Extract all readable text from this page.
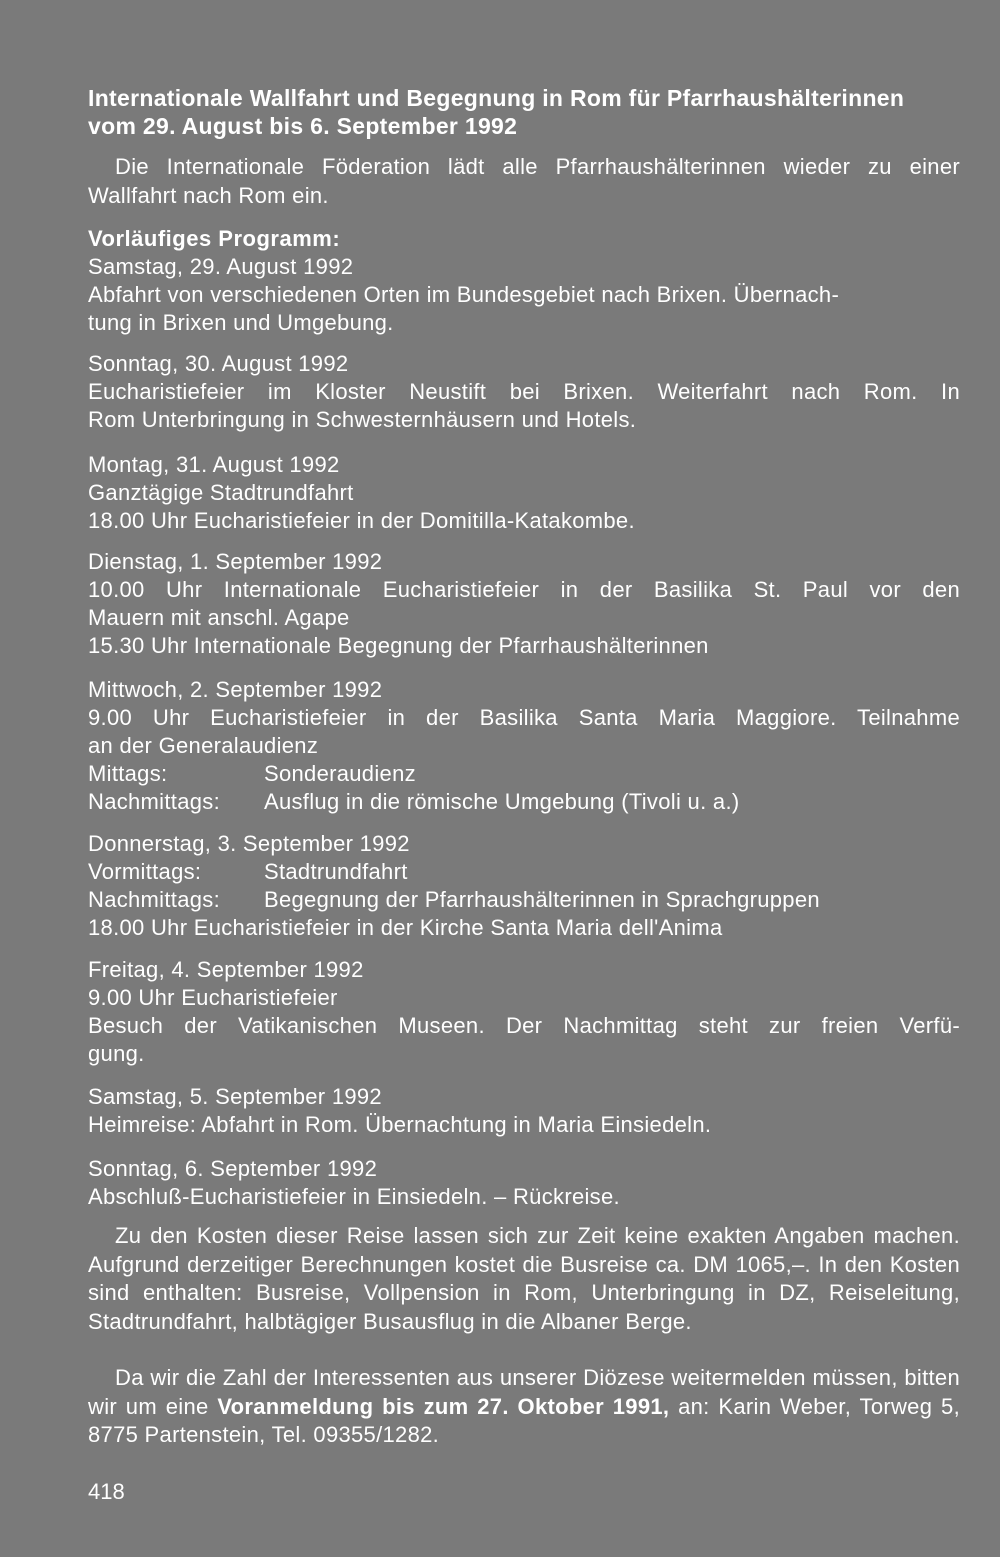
Internationale Wallfahrt und Begegnung in Rom für Pfarrhaushälterinnen
vom 29. August bis 6. September 1992

Die Internationale Föderation lädt alle Pfarrhaushälterinnen wieder zu einer Wallfahrt nach Rom ein.

Vorläufiges Programm:
Samstag, 29. August 1992
Abfahrt von verschiedenen Orten im Bundesgebiet nach Brixen. Übernach-
tung in Brixen und Umgebung.
Sonntag, 30. August 1992
Eucharistiefeier im Kloster Neustift bei Brixen. Weiterfahrt nach Rom. In
Rom Unterbringung in Schwesternhäusern und Hotels.
Montag, 31. August 1992
Ganztägige Stadtrundfahrt
18.00 Uhr Eucharistiefeier in der Domitilla-Katakombe.
Dienstag, 1. September 1992
10.00 Uhr Internationale Eucharistiefeier in der Basilika St. Paul vor den
Mauern mit anschl. Agape
15.30 Uhr Internationale Begegnung der Pfarrhaushälterinnen
Mittwoch, 2. September 1992
9.00 Uhr Eucharistiefeier in der Basilika Santa Maria Maggiore. Teilnahme
an der Generalaudienz
Mittags:	Sonderaudienz
Nachmittags:	Ausflug in die römische Umgebung (Tivoli u. a.)
Donnerstag, 3. September 1992
Vormittags:	Stadtrundfahrt
Nachmittags:	Begegnung der Pfarrhaushälterinnen in Sprachgruppen
18.00 Uhr Eucharistiefeier in der Kirche Santa Maria dell'Anima
Freitag, 4. September 1992
9.00 Uhr Eucharistiefeier
Besuch der Vatikanischen Museen. Der Nachmittag steht zur freien Verfü-
gung.
Samstag, 5. September 1992
Heimreise: Abfahrt in Rom. Übernachtung in Maria Einsiedeln.
Sonntag, 6. September 1992
Abschluß-Eucharistiefeier in Einsiedeln. – Rückreise.

Zu den Kosten dieser Reise lassen sich zur Zeit keine exakten Angaben machen. Aufgrund derzeitiger Berechnungen kostet die Busreise ca. DM 1065,–. In den Kosten sind enthalten: Busreise, Vollpension in Rom, Unterbringung in DZ, Reiseleitung, Stadtrundfahrt, halbtägiger Busausflug in die Albaner Berge.

Da wir die Zahl der Interessenten aus unserer Diözese weitermelden müssen, bitten wir um eine Voranmeldung bis zum 27. Oktober 1991, an: Karin Weber, Torweg 5, 8775 Partenstein, Tel. 09355/1282.

418
